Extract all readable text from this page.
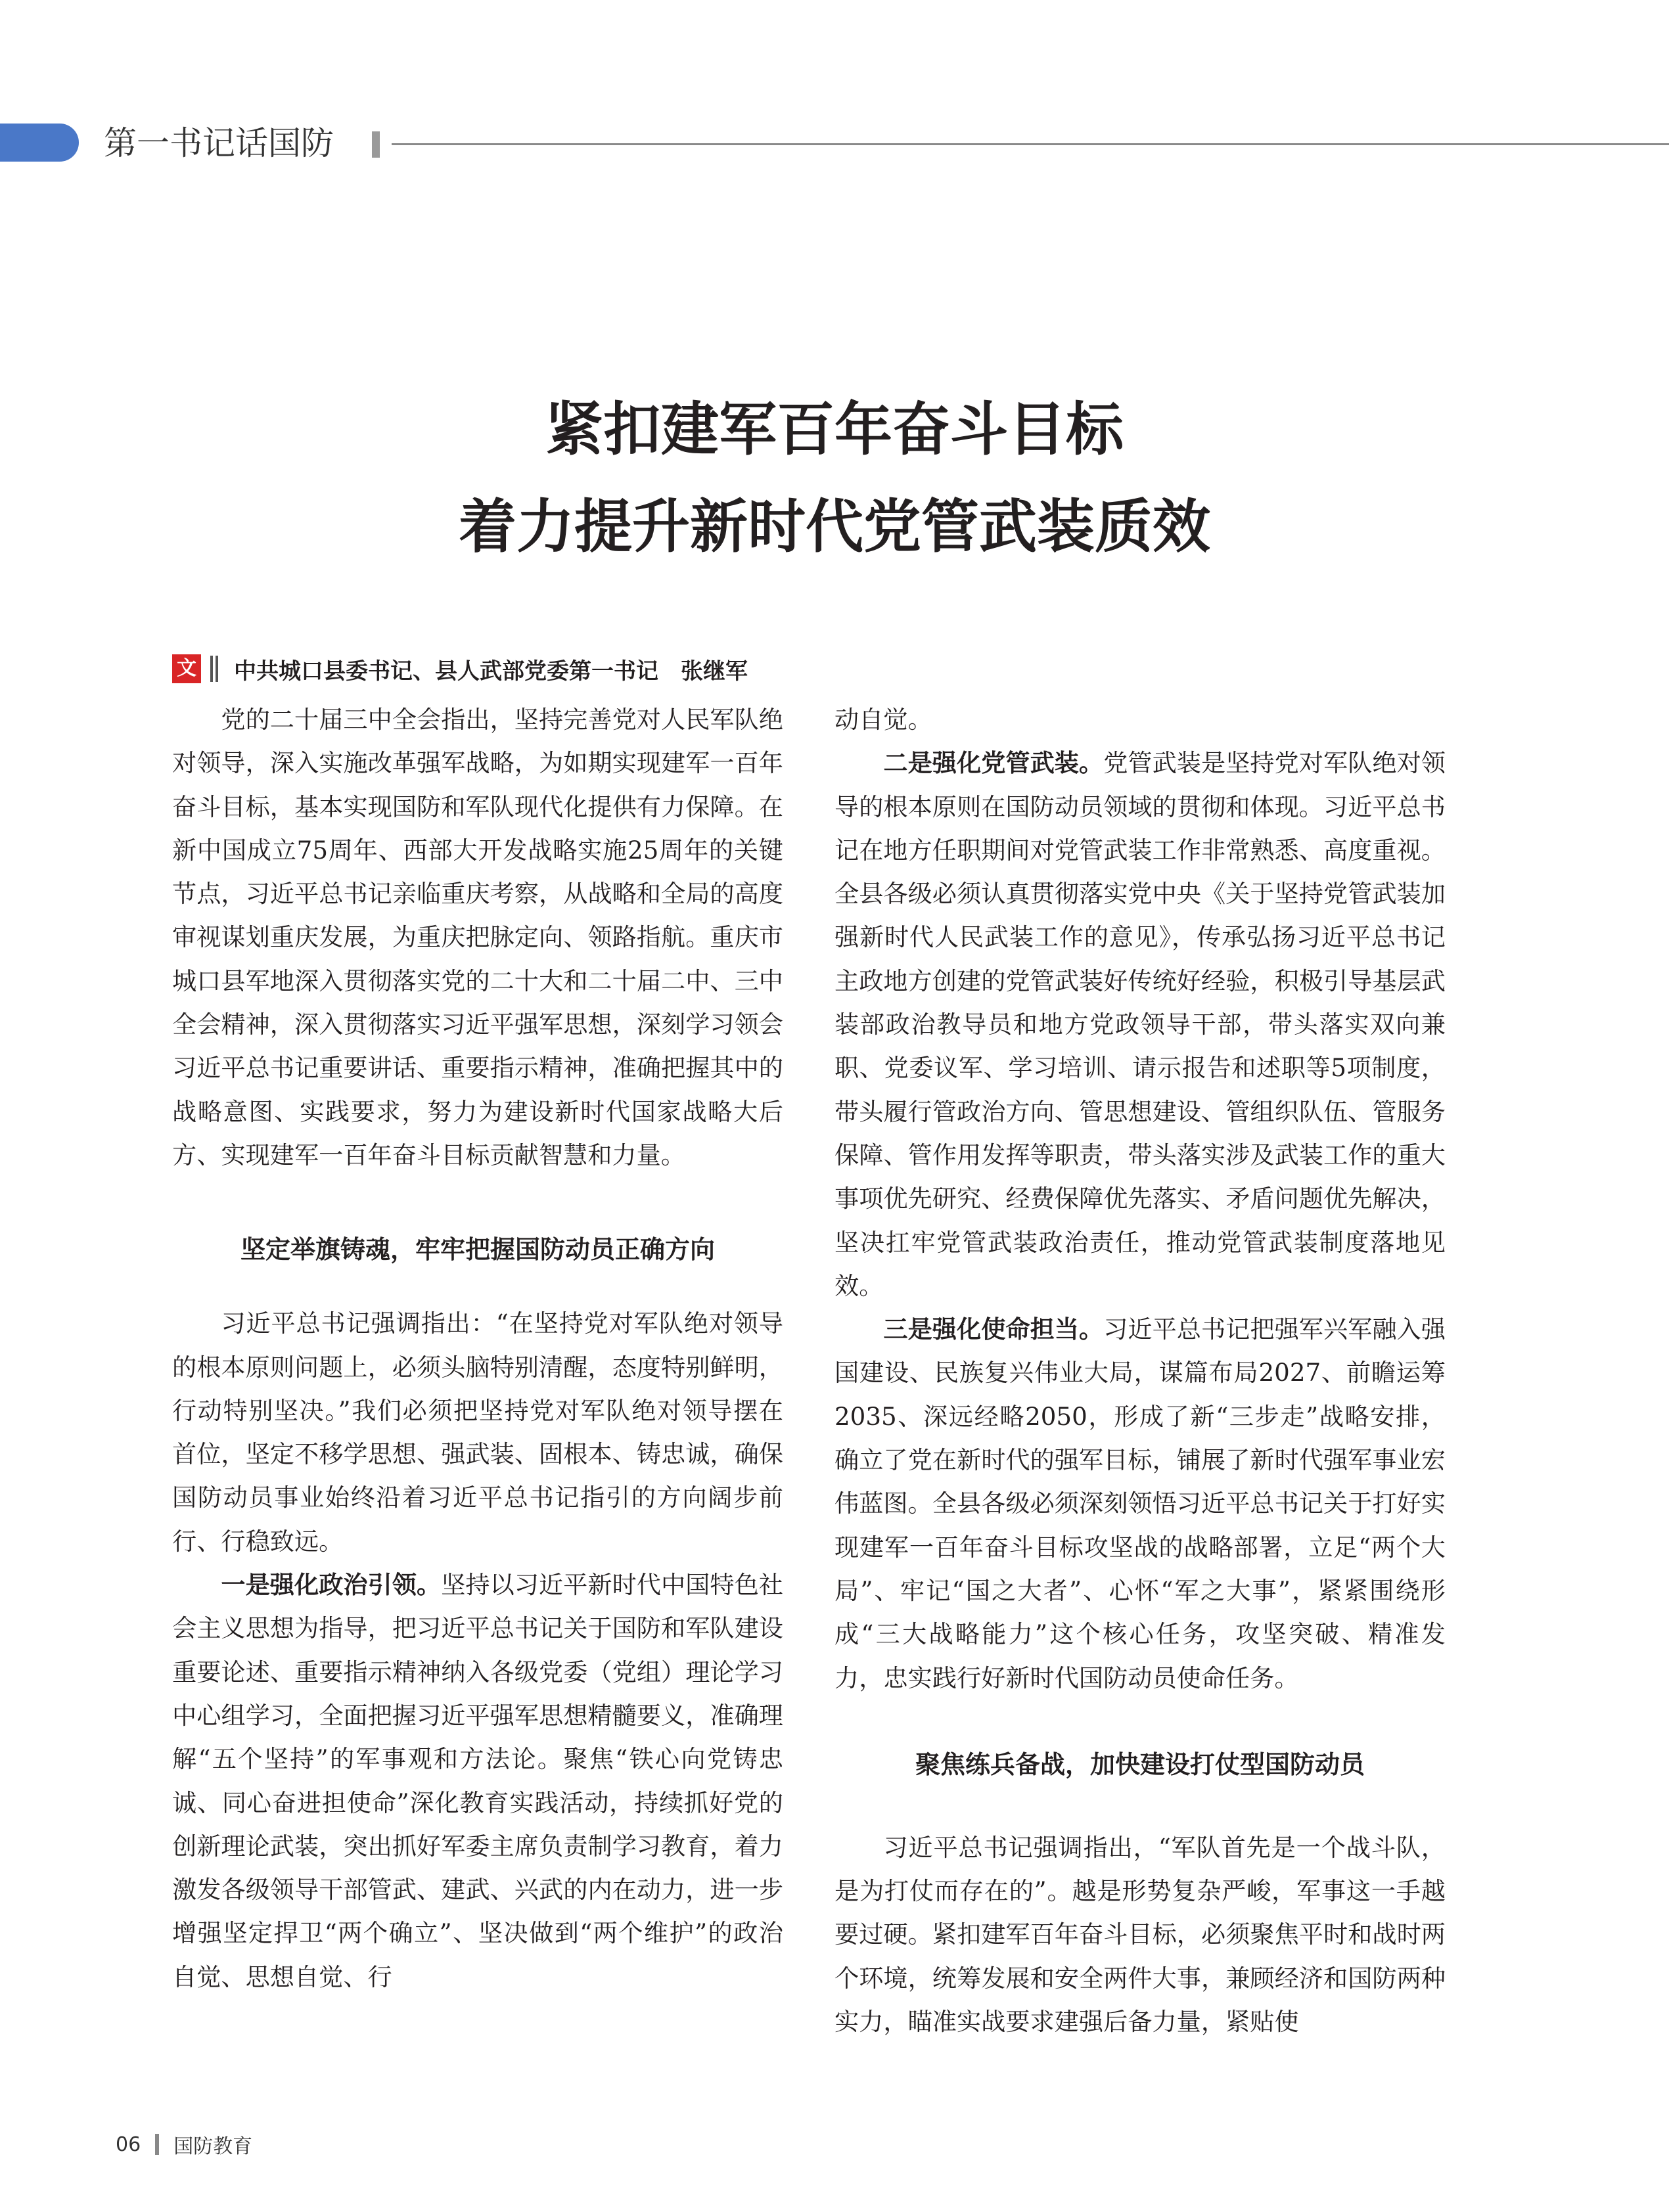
第一书记话国防
紧扣建军百年奋斗目标
着力提升新时代党管武装质效
文 中共城口县委书记、县人武部党委第一书记　张继军

党的二十届三中全会指出，坚持完善党对人民军队绝对领导，深入实施改革强军战略，为如期实现建军一百年奋斗目标，基本实现国防和军队现代化提供有力保障。在新中国成立75周年、西部大开发战略实施25周年的关键节点，习近平总书记亲临重庆考察，从战略和全局的高度审视谋划重庆发展，为重庆把脉定向、领路指航。重庆市城口县军地深入贯彻落实党的二十大和二十届二中、三中全会精神，深入贯彻落实习近平强军思想，深刻学习领会习近平总书记重要讲话、重要指示精神，准确把握其中的战略意图、实践要求，努力为建设新时代国家战略大后方、实现建军一百年奋斗目标贡献智慧和力量。

坚定举旗铸魂，牢牢把握国防动员正确方向

习近平总书记强调指出：“在坚持党对军队绝对领导的根本原则问题上，必须头脑特别清醒，态度特别鲜明，行动特别坚决。”我们必须把坚持党对军队绝对领导摆在首位，坚定不移学思想、强武装、固根本、铸忠诚，确保国防动员事业始终沿着习近平总书记指引的方向阔步前行、行稳致远。

一是强化政治引领。坚持以习近平新时代中国特色社会主义思想为指导，把习近平总书记关于国防和军队建设重要论述、重要指示精神纳入各级党委（党组）理论学习中心组学习，全面把握习近平强军思想精髓要义，准确理解“五个坚持”的军事观和方法论。聚焦“铁心向党铸忠诚、同心奋进担使命”深化教育实践活动，持续抓好党的创新理论武装，突出抓好军委主席负责制学习教育，着力激发各级领导干部管武、建武、兴武的内在动力，进一步增强坚定捍卫“两个确立”、坚决做到“两个维护”的政治自觉、思想自觉、行

动自觉。

二是强化党管武装。党管武装是坚持党对军队绝对领导的根本原则在国防动员领域的贯彻和体现。习近平总书记在地方任职期间对党管武装工作非常熟悉、高度重视。全县各级必须认真贯彻落实党中央《关于坚持党管武装加强新时代人民武装工作的意见》，传承弘扬习近平总书记主政地方创建的党管武装好传统好经验，积极引导基层武装部政治教导员和地方党政领导干部，带头落实双向兼职、党委议军、学习培训、请示报告和述职等5项制度，带头履行管政治方向、管思想建设、管组织队伍、管服务保障、管作用发挥等职责，带头落实涉及武装工作的重大事项优先研究、经费保障优先落实、矛盾问题优先解决，坚决扛牢党管武装政治责任，推动党管武装制度落地见效。

三是强化使命担当。习近平总书记把强军兴军融入强国建设、民族复兴伟业大局，谋篇布局2027、前瞻运筹2035、深远经略2050，形成了新“三步走”战略安排，确立了党在新时代的强军目标，铺展了新时代强军事业宏伟蓝图。全县各级必须深刻领悟习近平总书记关于打好实现建军一百年奋斗目标攻坚战的战略部署，立足“两个大局”、牢记“国之大者”、心怀“军之大事”，紧紧围绕形成“三大战略能力”这个核心任务，攻坚突破、精准发力，忠实践行好新时代国防动员使命任务。

聚焦练兵备战，加快建设打仗型国防动员

习近平总书记强调指出，“军队首先是一个战斗队，是为打仗而存在的”。越是形势复杂严峻，军事这一手越要过硬。紧扣建军百年奋斗目标，必须聚焦平时和战时两个环境，统筹发展和安全两件大事，兼顾经济和国防两种实力，瞄准实战要求建强后备力量，紧贴使

06 国防教育
